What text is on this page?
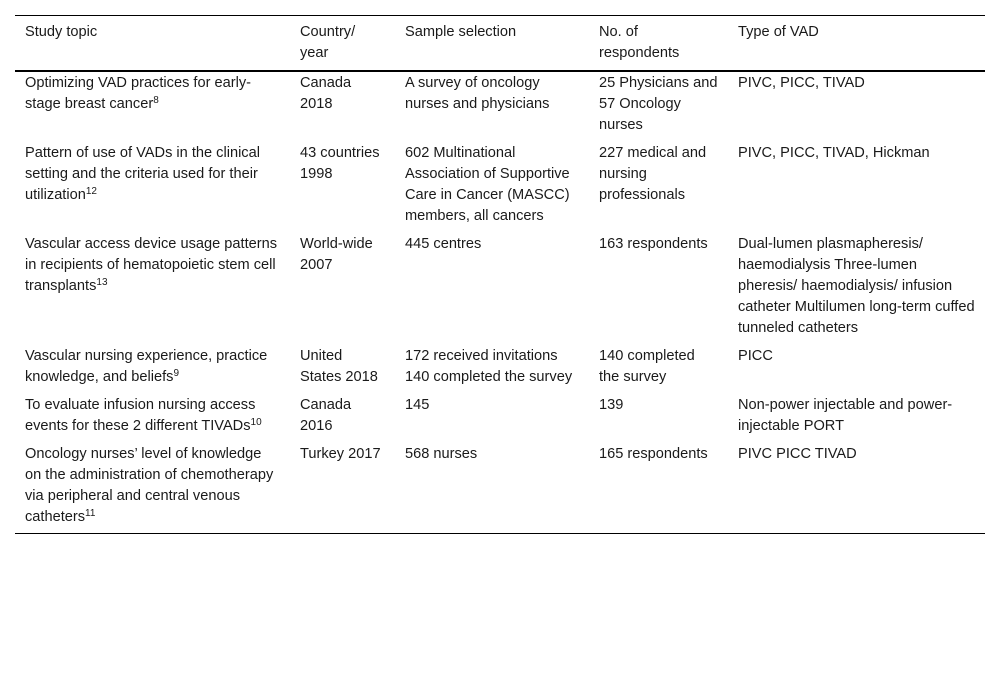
Study topic	Country/ year	Sample selection	No. of respondents	Type of VAD
Optimizing VAD practices for early-stage breast cancer$^8$	Canada 2018	A survey of oncology nurses and physicians	25 Physicians and 57 Oncology nurses	PIVC, PICC, TIVAD
Pattern of use of VADs in the clinical setting and the criteria used for their utilization$^{12}$	43 countries 1998	602 Multinational Association of Supportive Care in Cancer (MASCC) members, all cancers	227 medical and nursing professionals	PIVC, PICC, TIVAD, Hickman
Vascular access device usage patterns in recipients of hematopoietic stem cell transplants$^{13}$	World-wide 2007	445 centres	163 respondents	Dual-lumen plasmapheresis/ haemodialysis Three-lumen pheresis/ haemodialysis/ infusion catheter Multilumen long-term cuffed tunneled catheters
Vascular nursing experience, practice knowledge, and beliefs$^9$	United States 2018	172 received invitations 140 completed the survey	140 completed the survey	PICC
To evaluate infusion nursing access events for these 2 different TIVADs$^{10}$	Canada 2016	145	139	Non-power injectable and power-injectable PORT
Oncology nurses’ level of knowledge on the administration of chemotherapy via peripheral and central venous catheters$^{11}$	Turkey 2017	568 nurses	165 respondents	PIVC PICC TIVAD
